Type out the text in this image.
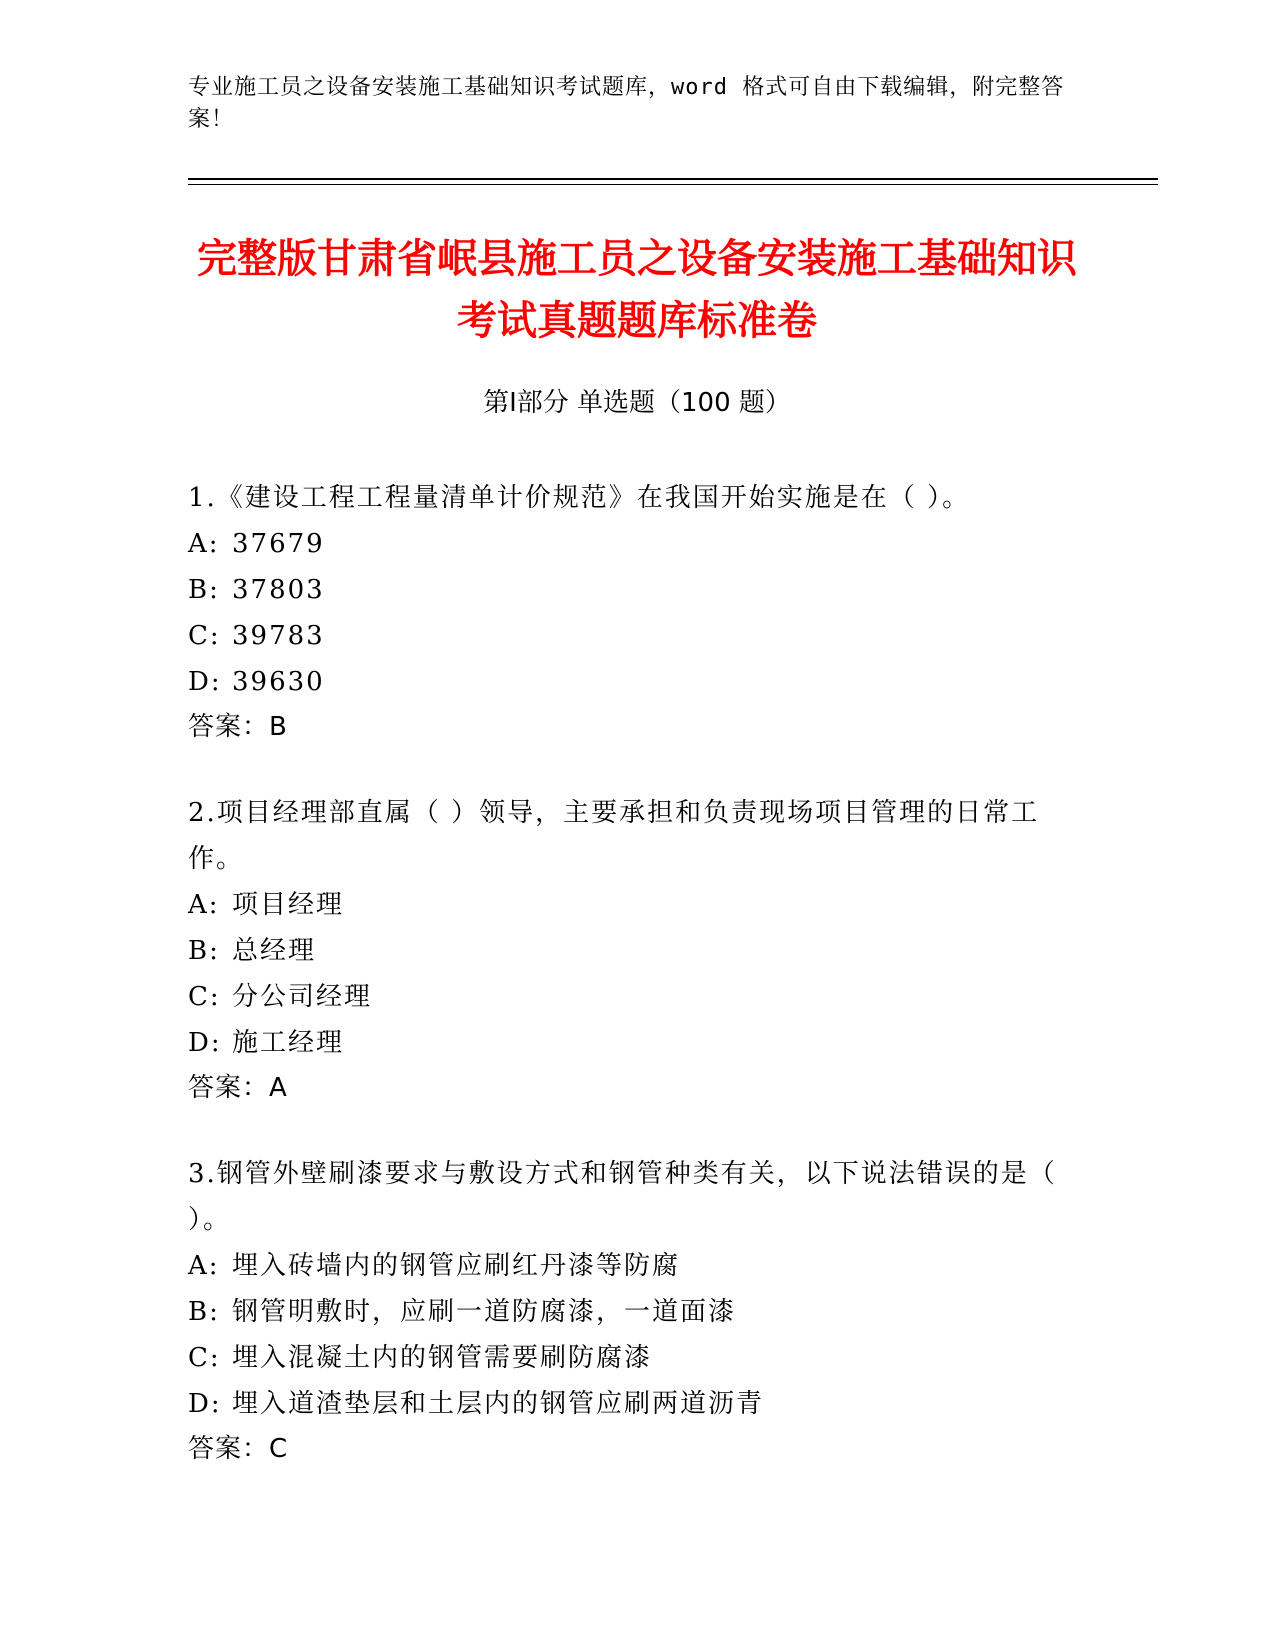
专业施工员之设备安装施工基础知识考试题库，word 格式可自由下载编辑，附完整答案！
完整版甘肃省岷县施工员之设备安装施工基础知识考试真题题库标准卷
第Ⅰ部分 单选题（100 题）
1.《建设工程工程量清单计价规范》在我国开始实施是在（ ）。
A: 37679
B: 37803
C: 39783
D: 39630
答案：B
2.项目经理部直属（ ）领导，主要承担和负责现场项目管理的日常工作。
A: 项目经理
B: 总经理
C: 分公司经理
D: 施工经理
答案：A
3.钢管外壁刷漆要求与敷设方式和钢管种类有关，以下说法错误的是（ ）。
A: 埋入砖墙内的钢管应刷红丹漆等防腐
B: 钢管明敷时，应刷一道防腐漆，一道面漆
C: 埋入混凝土内的钢管需要刷防腐漆
D: 埋入道渣垫层和土层内的钢管应刷两道沥青
答案：C
